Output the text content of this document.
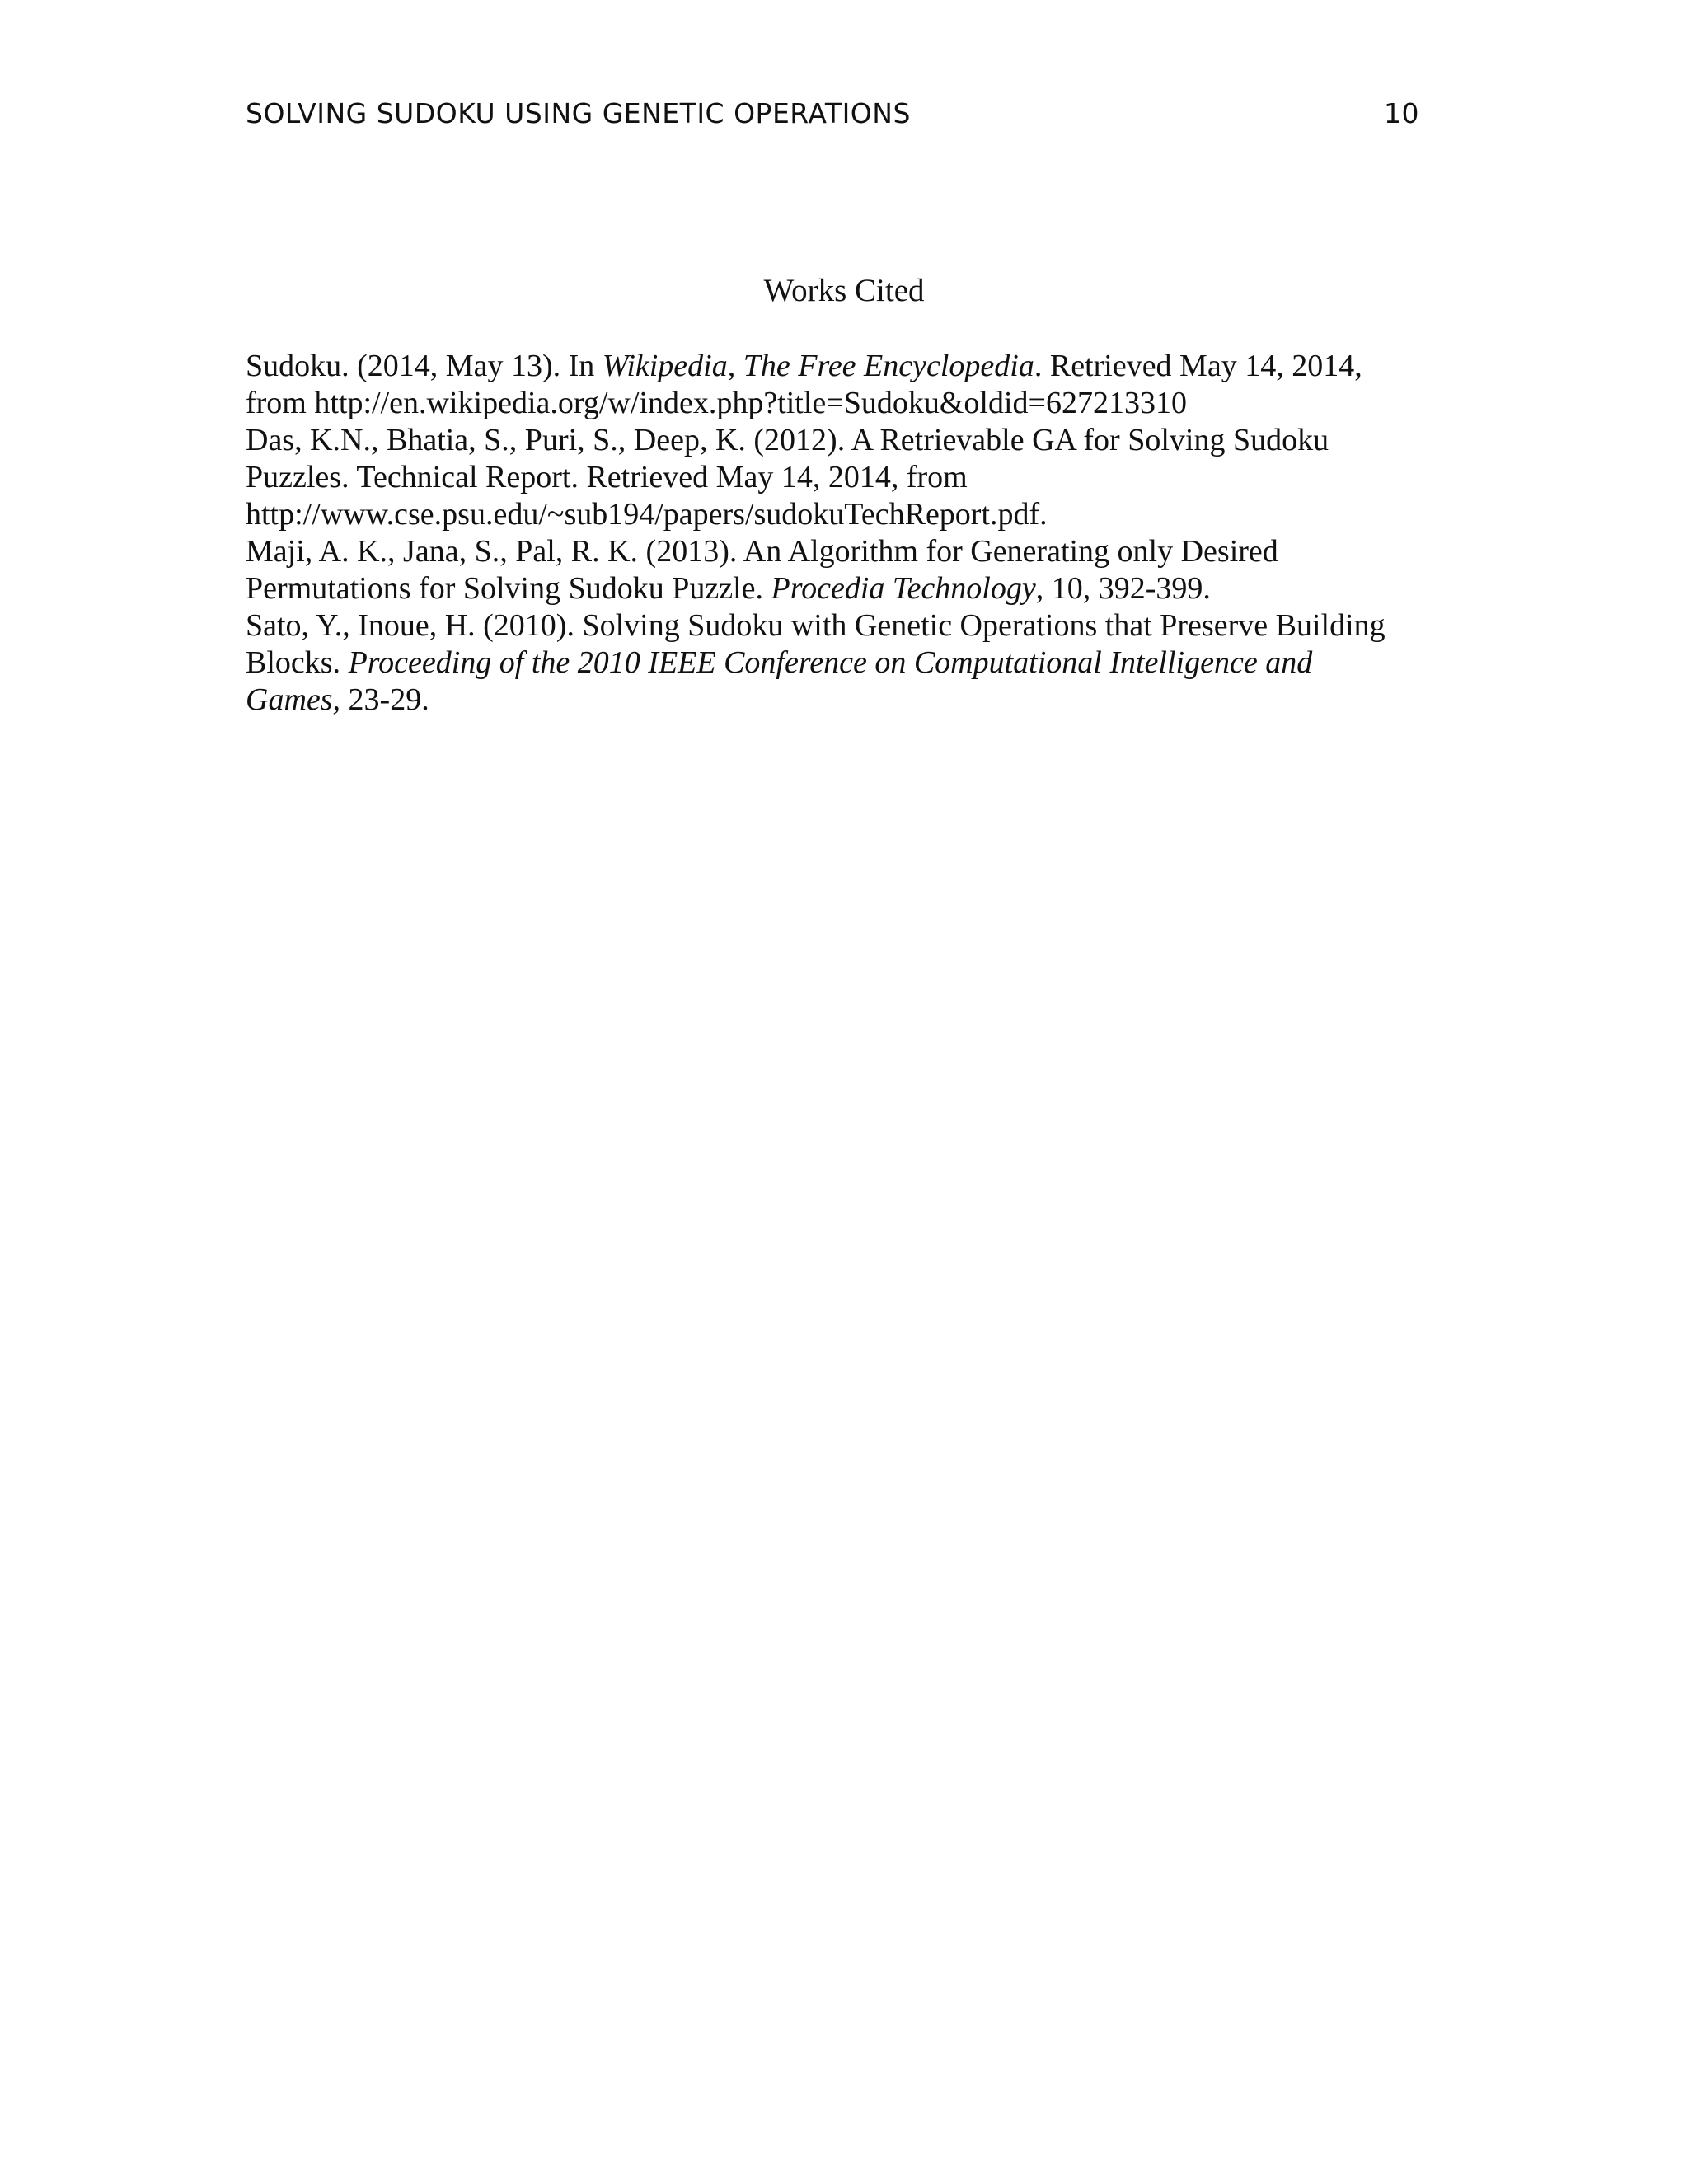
SOLVING SUDOKU USING GENETIC OPERATIONS	10
Works Cited

Sudoku. (2014, May 13). In Wikipedia, The Free Encyclopedia. Retrieved May 14, 2014,
from http://en.wikipedia.org/w/index.php?title=Sudoku&oldid=627213310

Das, K.N., Bhatia, S., Puri, S., Deep, K. (2012). A Retrievable GA for Solving Sudoku
Puzzles. Technical Report. Retrieved May 14, 2014, from
http://www.cse.psu.edu/~sub194/papers/sudokuTechReport.pdf.

Maji, A. K., Jana, S., Pal, R. K. (2013). An Algorithm for Generating only Desired
Permutations for Solving Sudoku Puzzle. Procedia Technology, 10, 392-399.

Sato, Y., Inoue, H. (2010). Solving Sudoku with Genetic Operations that Preserve Building
Blocks. Proceeding of the 2010 IEEE Conference on Computational Intelligence and
Games, 23-29.
